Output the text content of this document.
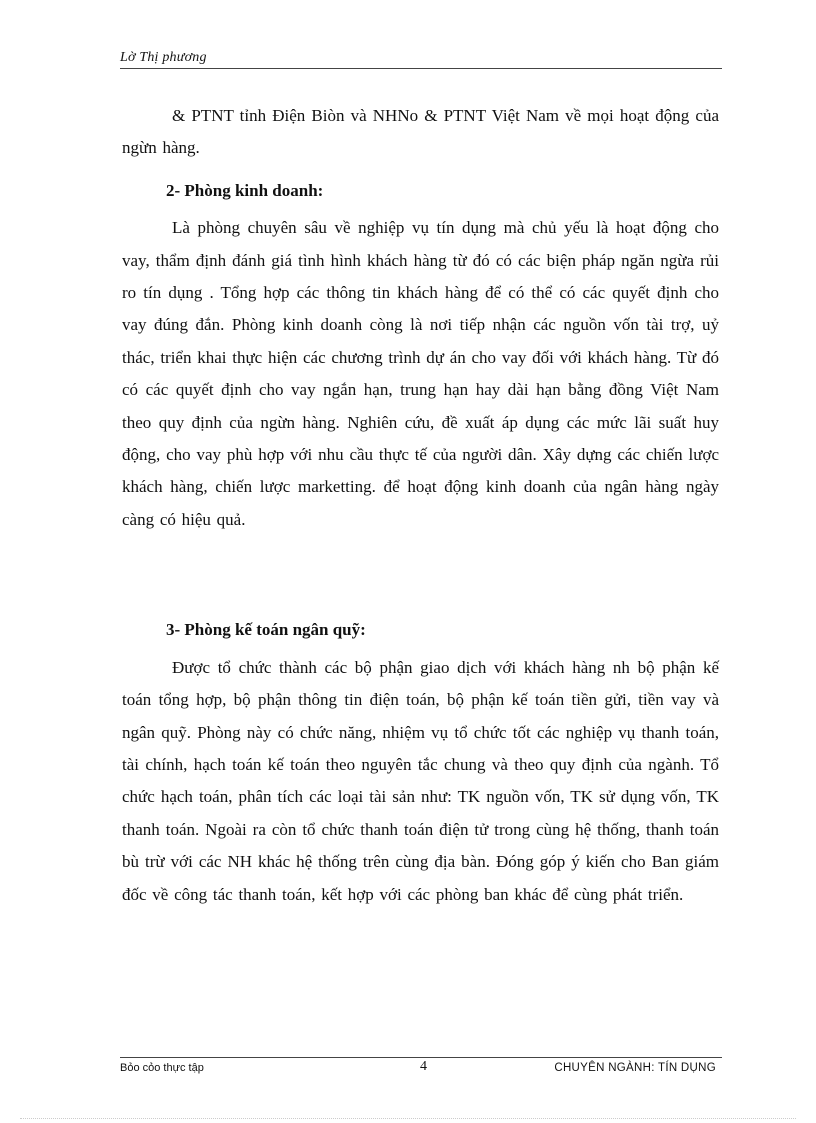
Lờ Thị phương

& PTNT tỉnh Điện Biòn và NHNo & PTNT Việt Nam về mọi hoạt động của ngừn hàng.

2- Phòng kinh doanh:

Là phòng chuyên sâu về nghiệp vụ tín dụng mà chủ yếu là hoạt động cho vay, thẩm định đánh giá tình hình khách hàng từ đó có các biện pháp ngăn ngừa rủi ro tín dụng . Tổng hợp các thông tin khách hàng để có thể có các quyết định cho vay đúng đắn. Phòng kinh doanh còng là nơi tiếp nhận các nguồn vốn tài trợ, uỷ thác, triển khai thực hiện các chương trình dự án cho vay đối với khách hàng. Từ đó có các quyết định cho vay ngắn hạn, trung hạn hay dài hạn bằng đồng Việt Nam theo quy định của ngừn hàng. Nghiên cứu, đề xuất áp dụng các mức lãi suất huy động, cho vay phù hợp với nhu cầu thực tế của người dân. Xây dựng các chiến lược khách hàng, chiến lược marketting. để hoạt động kinh doanh của ngân hàng ngày càng có hiệu quả.

3- Phòng kế toán ngân quỹ:

Được tổ chức thành các bộ phận giao dịch với khách hàng nh bộ phận kế toán tổng hợp, bộ phận thông tin điện toán, bộ phận kế toán tiền gửi, tiền vay và ngân quỹ. Phòng này có chức năng, nhiệm vụ tổ chức tốt các nghiệp vụ thanh toán, tài chính, hạch toán kế toán theo nguyên tắc chung và theo quy định của ngành. Tổ chức hạch toán, phân tích các loại tài sản như: TK nguồn vốn, TK sử dụng vốn, TK thanh toán. Ngoài ra còn tổ chức thanh toán điện tử trong cùng hệ thống, thanh toán bù trừ với các NH khác hệ thống trên cùng địa bàn. Đóng góp ý kiến cho Ban giám đốc về công tác thanh toán, kết hợp với các phòng ban khác để cùng phát triển.

Bỏo cỏo thực tập	4	CHUYÊN NGÀNH: TÍN DỤNG
